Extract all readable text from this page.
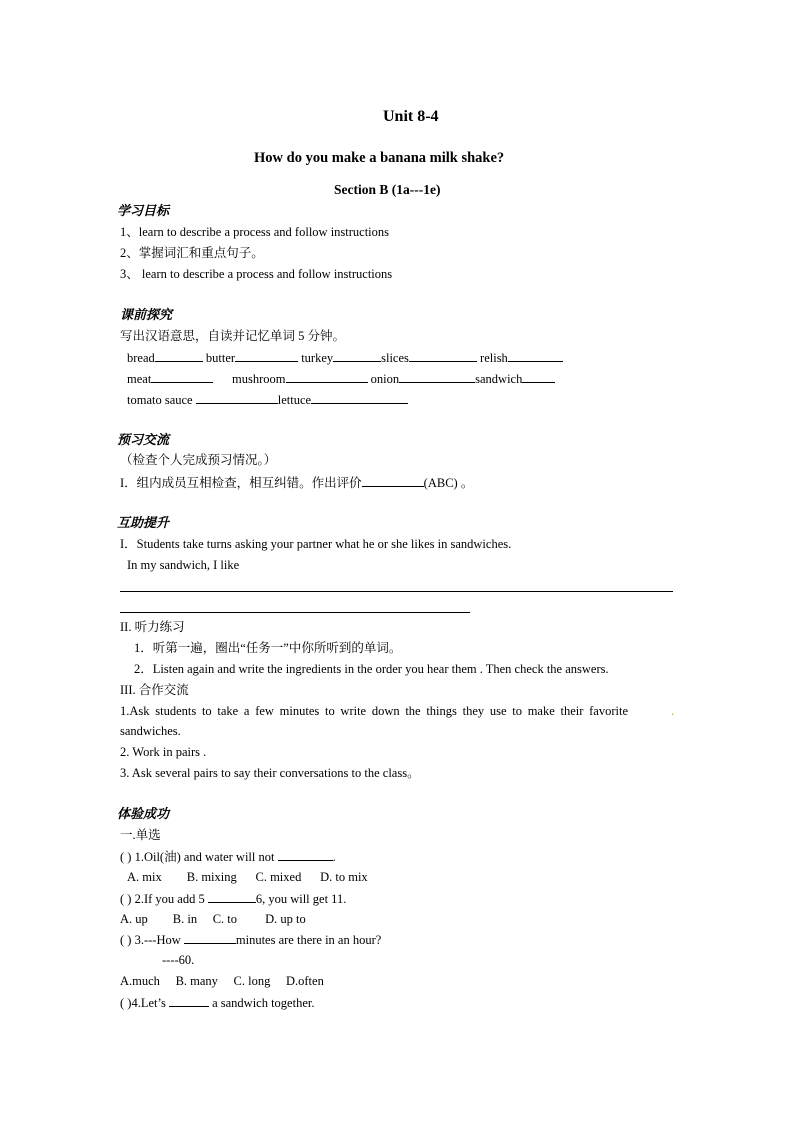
Unit 8-4
How do you make a banana milk shake?
Section B (1a---1e)
学习目标
1、learn to describe a process and follow instructions
2、掌握词汇和重点句子。
3、 learn to describe a process and follow instructions
课前探究
写出汉语意思，自读并记忆单词 5 分钟。
bread	butter	turkey	slices	relish
meat	mushroom	onion	sandwich
tomato sauce	lettuce
预习交流
（检查个人完成预习情况。）
I．组内成员互相检查，相互纠错。作出评价	(ABC) 。
互助提升
I．Students take turns asking your partner what he or she likes in sandwiches.
In my sandwich, I like
II. 听力练习
1．听第一遍，圈出“任务一”中你所听到的单词。
2．Listen again and write the ingredients in the order you hear them . Then check the answers.
III. 合作交流
1.Ask students to take a few minutes to write down the things they use to make their favorite	.
sandwiches.
2. Work in pairs .
3. Ask several pairs to say their conversations to the class。
体验成功
一.单选
( ) 1.Oil(油) and water will not	.
A. mix B. mixing C. mixed D. to mix
( ) 2.If you add 5	6, you will get 11.
A. up B. in C. to D. up to
( ) 3.---How	minutes are there in an hour?
----60.
A.much B. many C. long D.often
( )4.Let’s	a sandwich together.
